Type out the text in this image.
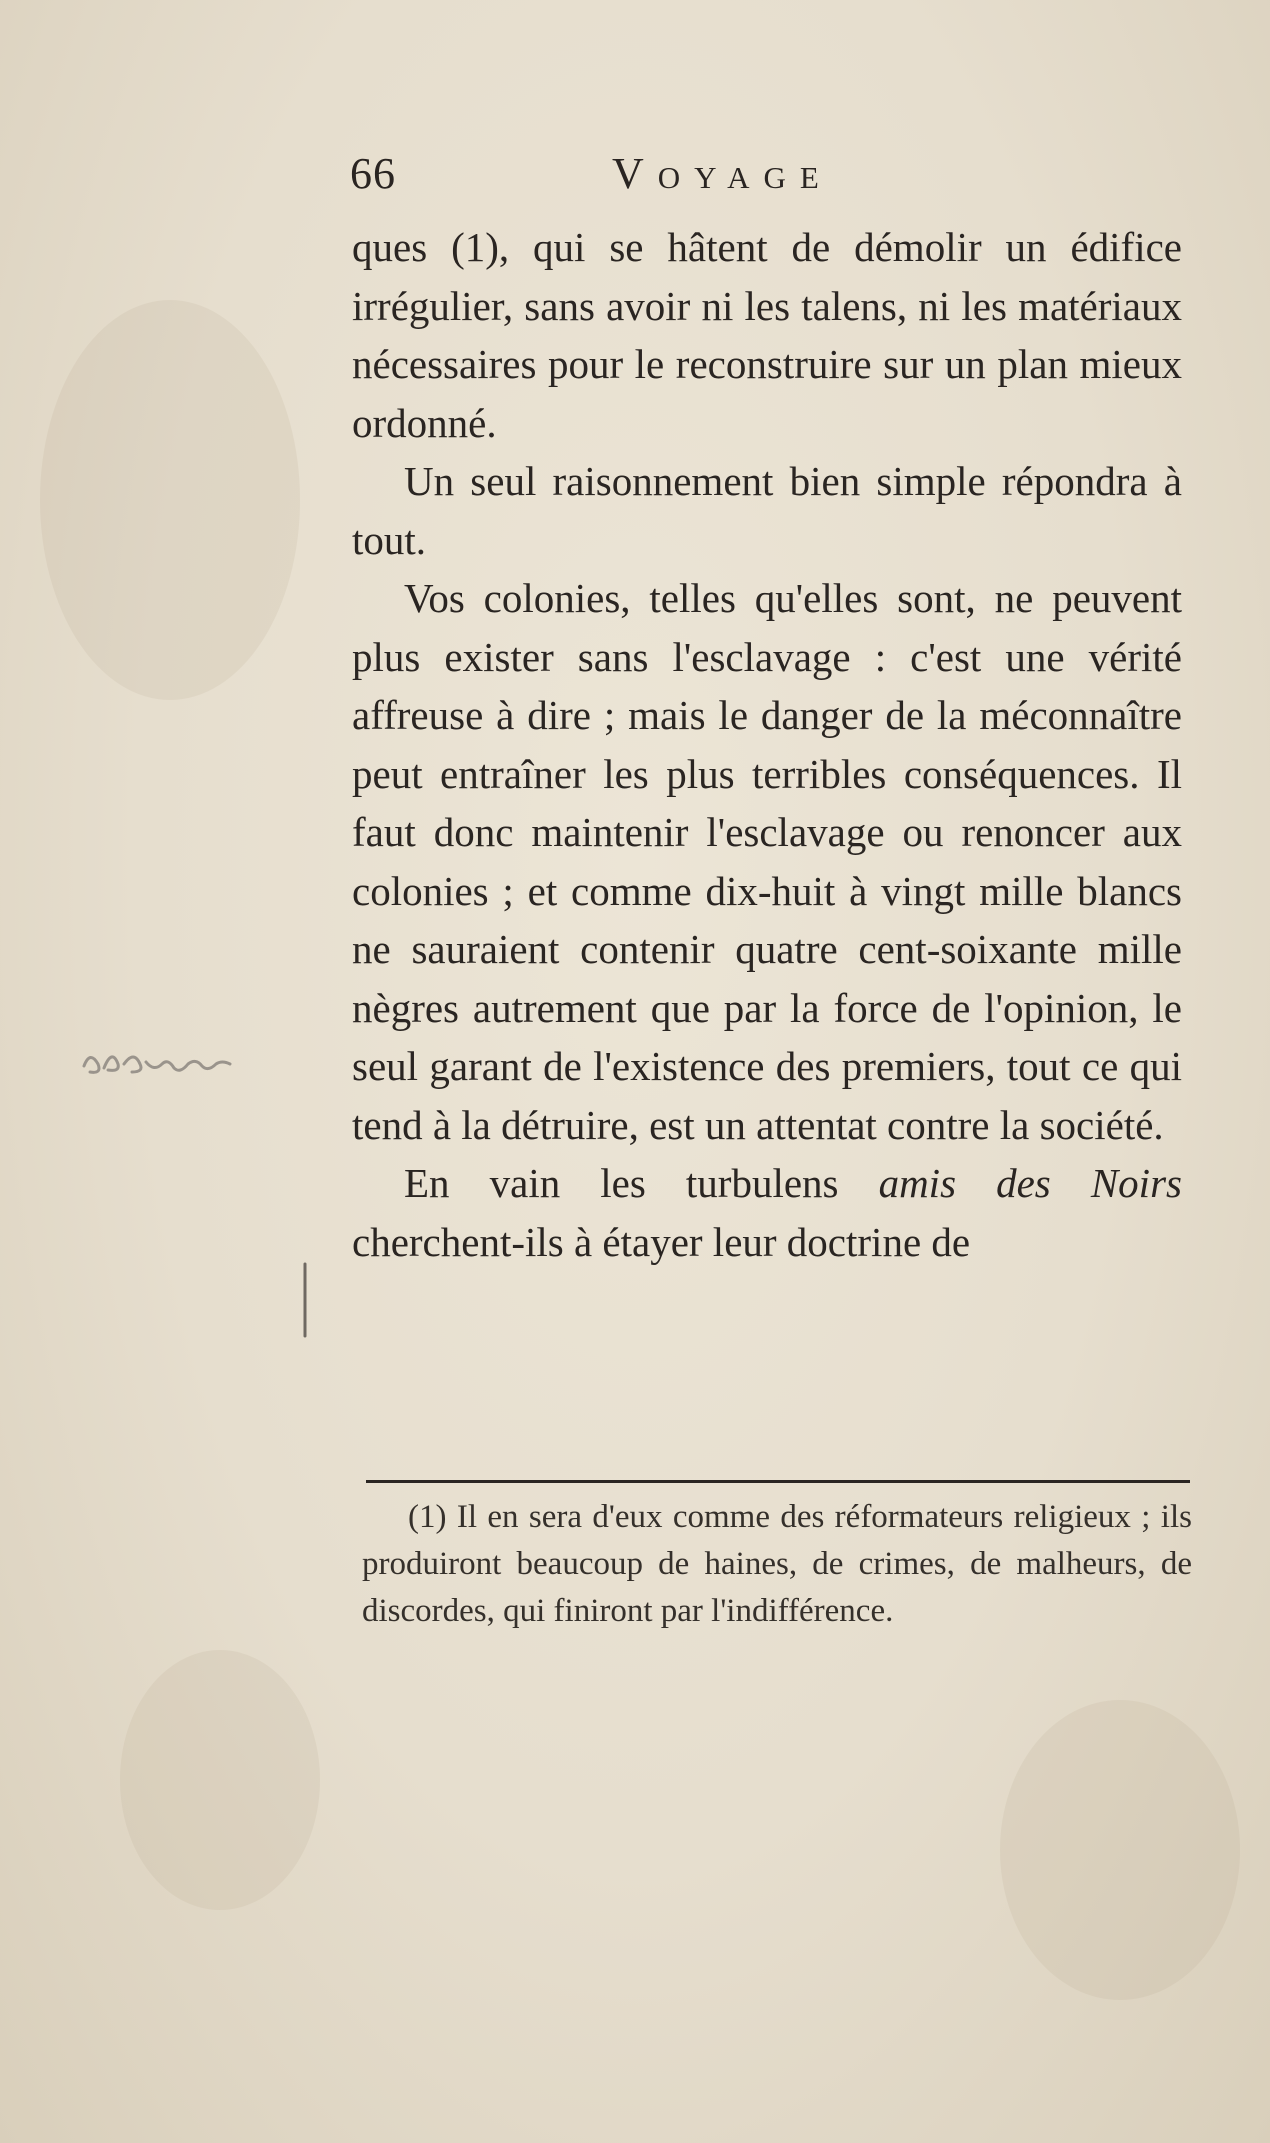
66	Voyage

ques (1), qui se hâtent de démolir un édifice irrégulier, sans avoir ni les talens, ni les matériaux nécessaires pour le reconstruire sur un plan mieux ordonné.

Un seul raisonnement bien simple répondra à tout.

Vos colonies, telles qu'elles sont, ne peuvent plus exister sans l'esclavage : c'est une vérité affreuse à dire ; mais le danger de la méconnaître peut entraîner les plus terribles conséquences. Il faut donc maintenir l'esclavage ou renoncer aux colonies ; et comme dix-huit à vingt mille blancs ne sauraient contenir quatre cent-soixante mille nègres autrement que par la force de l'opinion, le seul garant de l'existence des premiers, tout ce qui tend à la détruire, est un attentat contre la société.

En vain les turbulens amis des Noirs cherchent-ils à étayer leur doctrine de

(1) Il en sera d'eux comme des réformateurs religieux ; ils produiront beaucoup de haines, de crimes, de malheurs, de discordes, qui finiront par l'indifférence.
